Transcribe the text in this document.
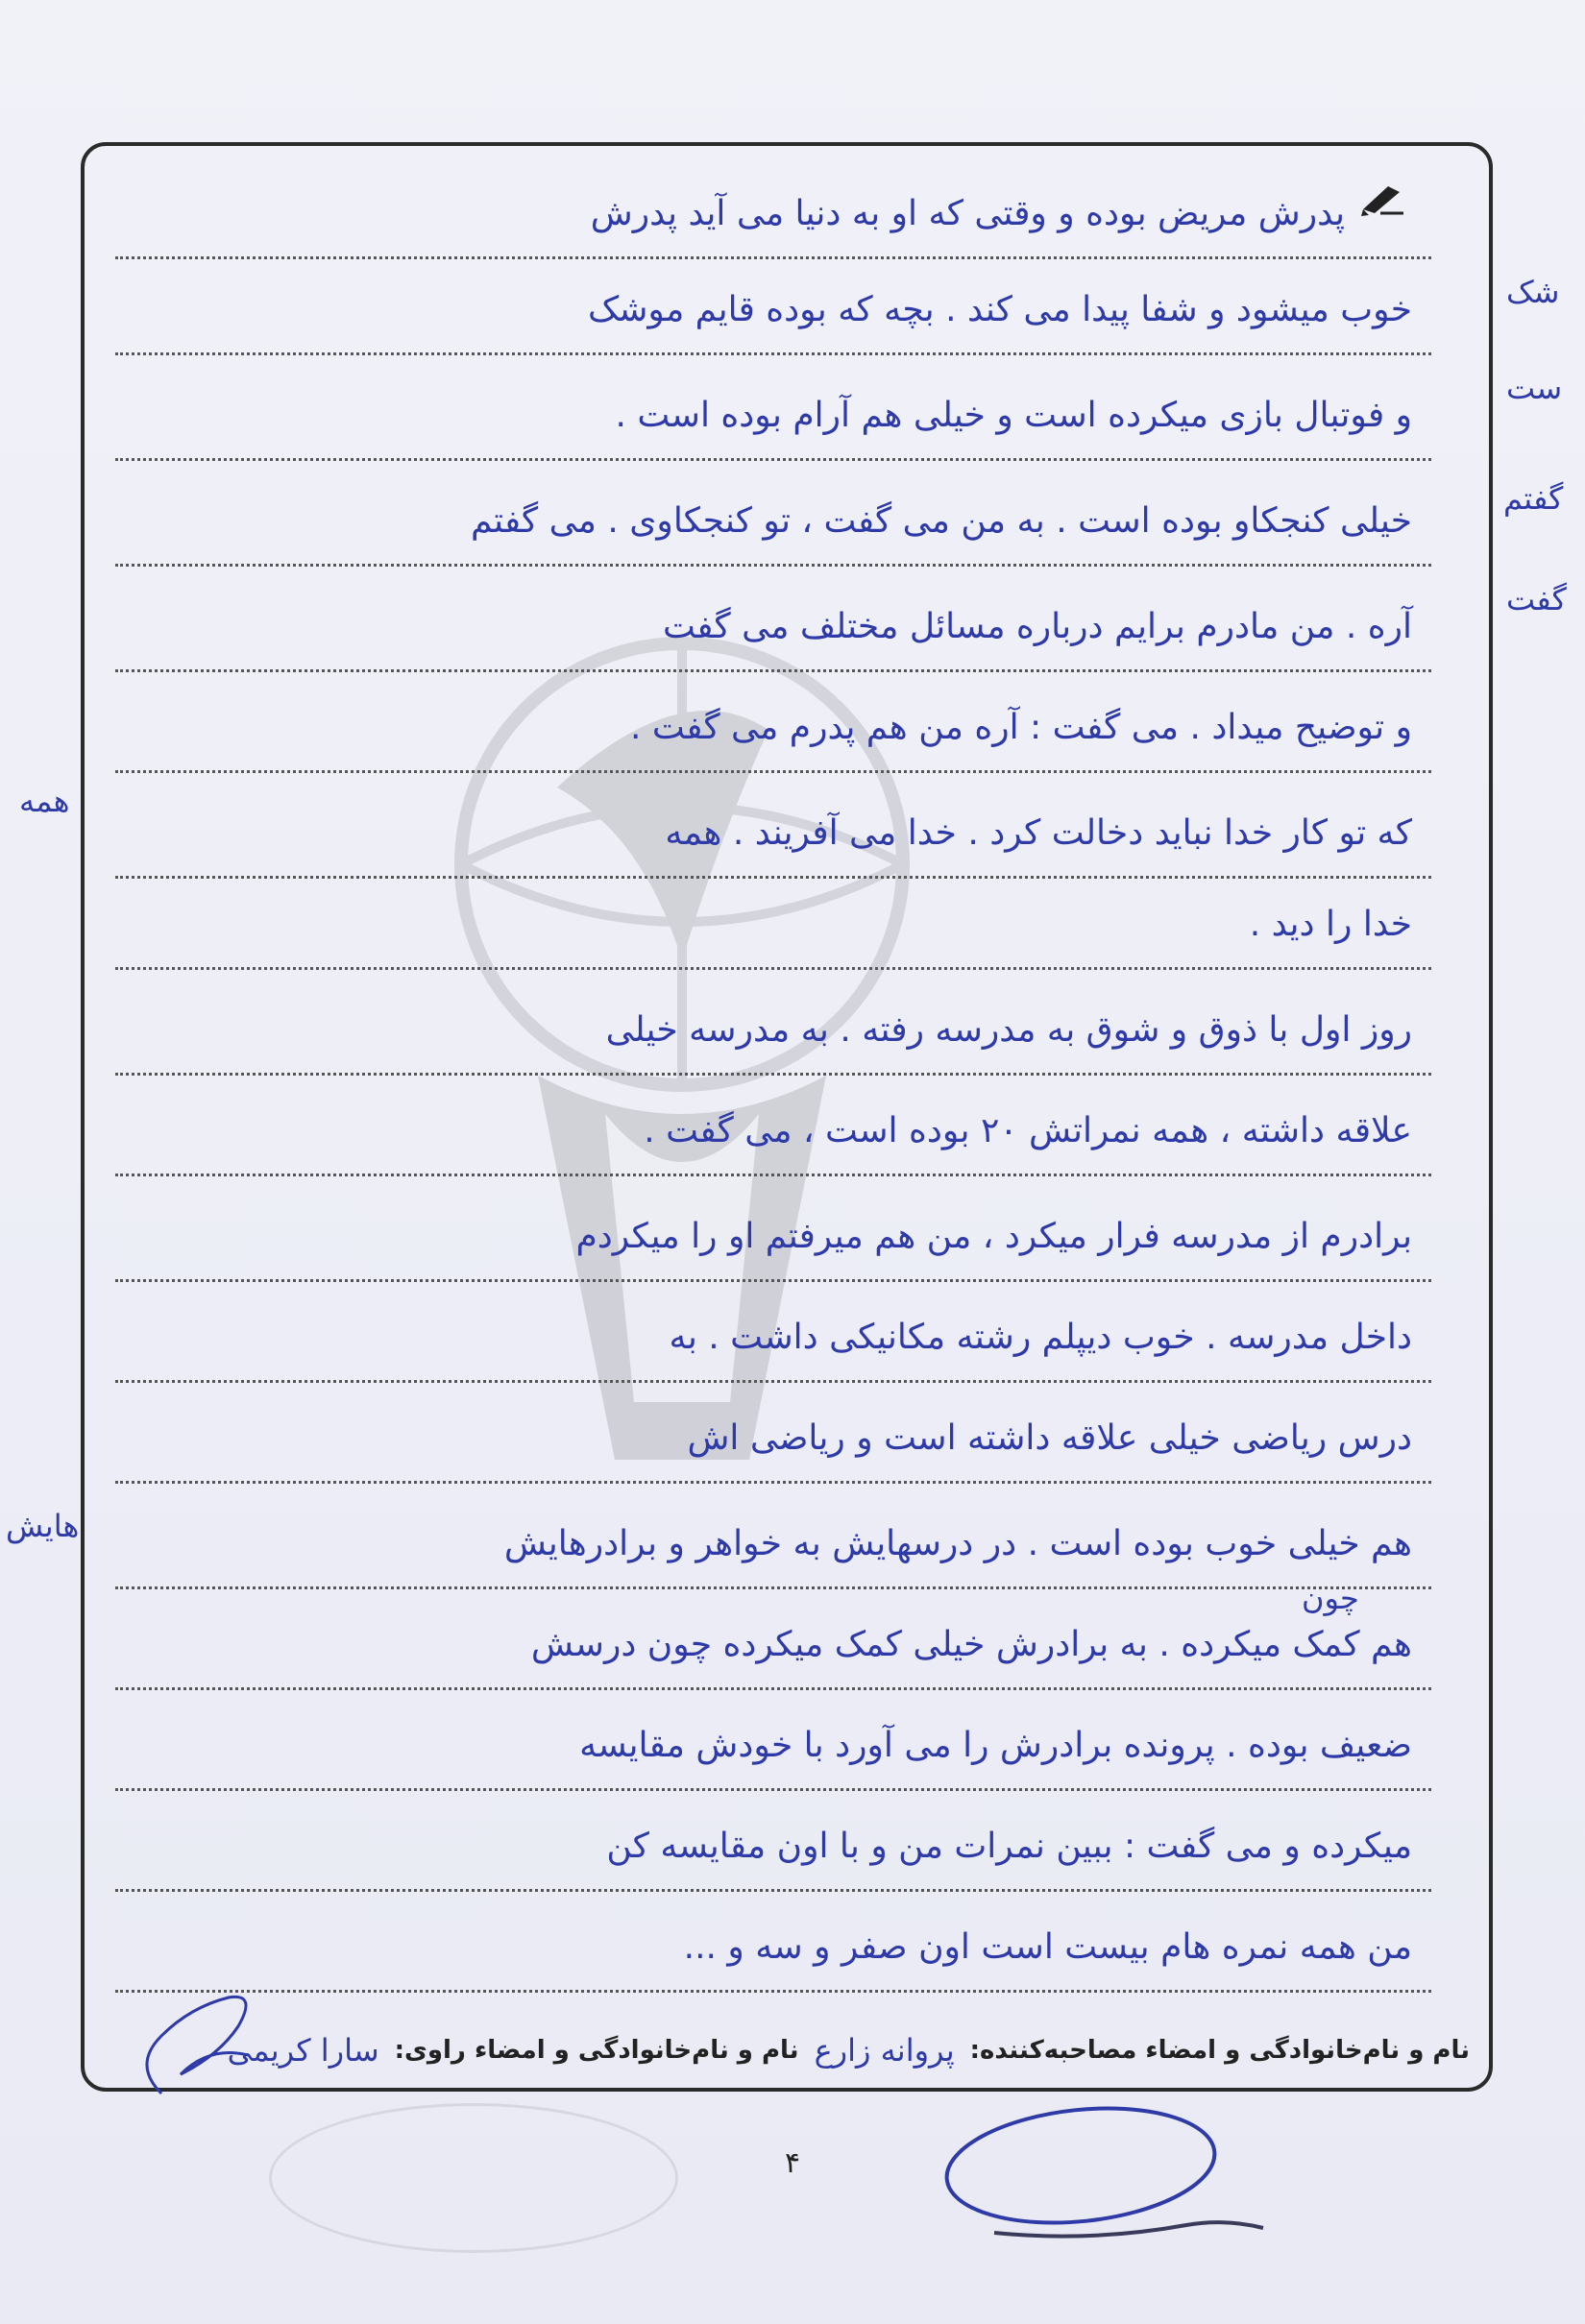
پدرش مریض بوده و وقتی که او به دنیا می آید پدرش
خوب میشود و شفا پیدا می کند . بچه که بوده قایم موشک
و فوتبال بازی میکرده است و خیلی هم آرام بوده است .
خیلی کنجکاو بوده است . به من می گفت ، تو کنجکاوی . می گفتم
آره . من مادرم برایم درباره مسائل مختلف می گفت
و توضیح میداد . می گفت : آره من هم پدرم می گفت .
که تو کار خدا نباید دخالت کرد . خدا می آفریند . همه
خدا را دید .
روز اول با ذوق و شوق به مدرسه رفته . به مدرسه خیلی
علاقه داشته ، همه نمراتش ۲۰ بوده است ، می گفت .
برادرم از مدرسه فرار میکرد ، من هم میرفتم او را میکردم
داخل مدرسه . خوب دیپلم رشته مکانیکی داشت . به
درس ریاضی خیلی علاقه داشته است و ریاضی اش
هم خیلی خوب بوده است . در درسهایش به خواهر و برادرهایش
هم کمک میکرده . به برادرش خیلی کمک میکرده چون درسش
ضعیف بوده . پرونده برادرش را می آورد با خودش مقایسه
میکرده و می گفت : ببین نمرات من و با اون مقایسه کن
من همه نمره هام بیست است اون صفر و سه و ...
شک
ست
گفتم
گفت
همه
هایش
چون
نام و نام‌خانوادگی و امضاء مصاحبه‌کننده:
پروانه زارع
نام و نام‌خانوادگی و امضاء راوی:
سارا کریمی
۴
